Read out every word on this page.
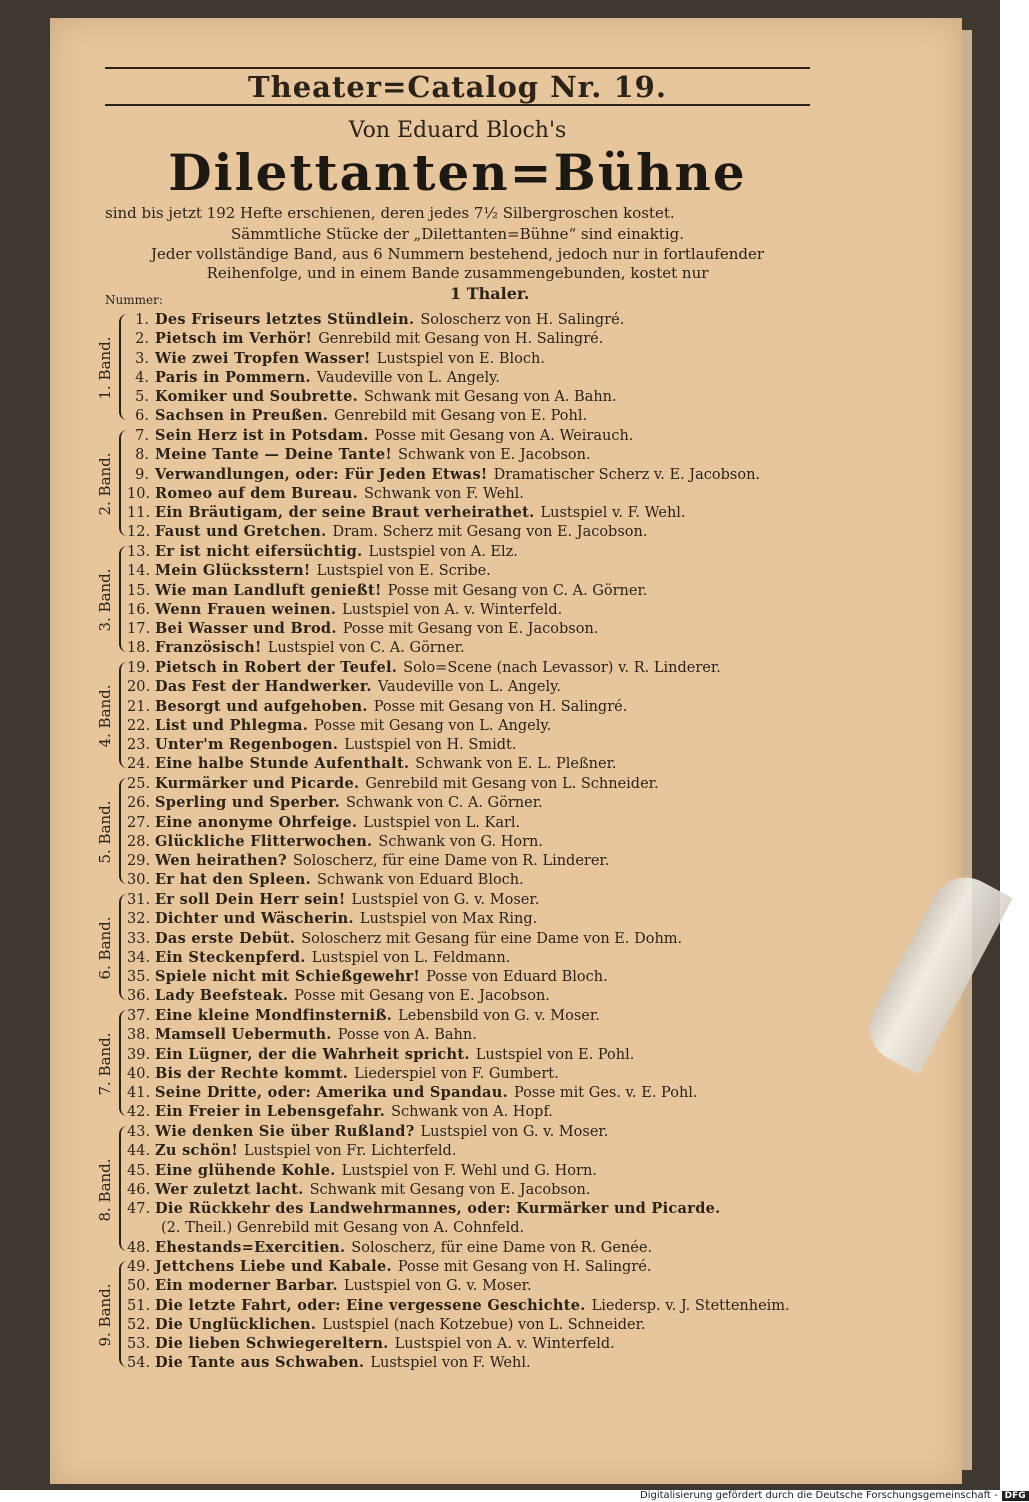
Theater=Catalog Nr. 19.
Von Eduard Bloch's
Dilettanten=Bühne
sind bis jetzt 192 Hefte erschienen, deren jedes 7½ Silbergroschen kostet.
Sämmtliche Stücke der „Dilettanten=Bühne“ sind einaktig.
Jeder vollständige Band, aus 6 Nummern bestehend, jedoch nur in fortlaufender
Reihenfolge, und in einem Bande zusammengebunden, kostet nur
1 Thaler.
Nummer:
1. Band.
1. Des Friseurs letztes Stündlein. Soloscherz von H. Salingré.
2. Pietsch im Verhör! Genrebild mit Gesang von H. Salingré.
3. Wie zwei Tropfen Wasser! Lustspiel von E. Bloch.
4. Paris in Pommern. Vaudeville von L. Angely.
5. Komiker und Soubrette. Schwank mit Gesang von A. Bahn.
6. Sachsen in Preußen. Genrebild mit Gesang von E. Pohl.
2. Band.
7. Sein Herz ist in Potsdam. Posse mit Gesang von A. Weirauch.
8. Meine Tante — Deine Tante! Schwank von E. Jacobson.
9. Verwandlungen, oder: Für Jeden Etwas! Dramatischer Scherz v. E. Jacobson.
10. Romeo auf dem Bureau. Schwank von F. Wehl.
11. Ein Bräutigam, der seine Braut verheirathet. Lustspiel v. F. Wehl.
12. Faust und Gretchen. Dram. Scherz mit Gesang von E. Jacobson.
3. Band.
13. Er ist nicht eifersüchtig. Lustspiel von A. Elz.
14. Mein Glücksstern! Lustspiel von E. Scribe.
15. Wie man Landluft genießt! Posse mit Gesang von C. A. Görner.
16. Wenn Frauen weinen. Lustspiel von A. v. Winterfeld.
17. Bei Wasser und Brod. Posse mit Gesang von E. Jacobson.
18. Französisch! Lustspiel von C. A. Görner.
4. Band.
19. Pietsch in Robert der Teufel. Solo=Scene (nach Levassor) v. R. Linderer.
20. Das Fest der Handwerker. Vaudeville von L. Angely.
21. Besorgt und aufgehoben. Posse mit Gesang von H. Salingré.
22. List und Phlegma. Posse mit Gesang von L. Angely.
23. Unter'm Regenbogen. Lustspiel von H. Smidt.
24. Eine halbe Stunde Aufenthalt. Schwank von E. L. Pleßner.
5. Band.
25. Kurmärker und Picarde. Genrebild mit Gesang von L. Schneider.
26. Sperling und Sperber. Schwank von C. A. Görner.
27. Eine anonyme Ohrfeige. Lustspiel von L. Karl.
28. Glückliche Flitterwochen. Schwank von G. Horn.
29. Wen heirathen? Soloscherz, für eine Dame von R. Linderer.
30. Er hat den Spleen. Schwank von Eduard Bloch.
6. Band.
31. Er soll Dein Herr sein! Lustspiel von G. v. Moser.
32. Dichter und Wäscherin. Lustspiel von Max Ring.
33. Das erste Debüt. Soloscherz mit Gesang für eine Dame von E. Dohm.
34. Ein Steckenpferd. Lustspiel von L. Feldmann.
35. Spiele nicht mit Schießgewehr! Posse von Eduard Bloch.
36. Lady Beefsteak. Posse mit Gesang von E. Jacobson.
7. Band.
37. Eine kleine Mondfinsterniß. Lebensbild von G. v. Moser.
38. Mamsell Uebermuth. Posse von A. Bahn.
39. Ein Lügner, der die Wahrheit spricht. Lustspiel von E. Pohl.
40. Bis der Rechte kommt. Liederspiel von F. Gumbert.
41. Seine Dritte, oder: Amerika und Spandau. Posse mit Ges. v. E. Pohl.
42. Ein Freier in Lebensgefahr. Schwank von A. Hopf.
8. Band.
43. Wie denken Sie über Rußland? Lustspiel von G. v. Moser.
44. Zu schön! Lustspiel von Fr. Lichterfeld.
45. Eine glühende Kohle. Lustspiel von F. Wehl und G. Horn.
46. Wer zuletzt lacht. Schwank mit Gesang von E. Jacobson.
47. Die Rückkehr des Landwehrmannes, oder: Kurmärker und Picarde.
(2. Theil.) Genrebild mit Gesang von A. Cohnfeld.
48. Ehestands=Exercitien. Soloscherz, für eine Dame von R. Genée.
9. Band.
49. Jettchens Liebe und Kabale. Posse mit Gesang von H. Salingré.
50. Ein moderner Barbar. Lustspiel von G. v. Moser.
51. Die letzte Fahrt, oder: Eine vergessene Geschichte. Liedersp. v. J. Stettenheim.
52. Die Unglücklichen. Lustspiel (nach Kotzebue) von L. Schneider.
53. Die lieben Schwiegereltern. Lustspiel von A. v. Winterfeld.
54. Die Tante aus Schwaben. Lustspiel von F. Wehl.
Digitalisierung gefördert durch die Deutsche Forschungsgemeinschaft - DFG
